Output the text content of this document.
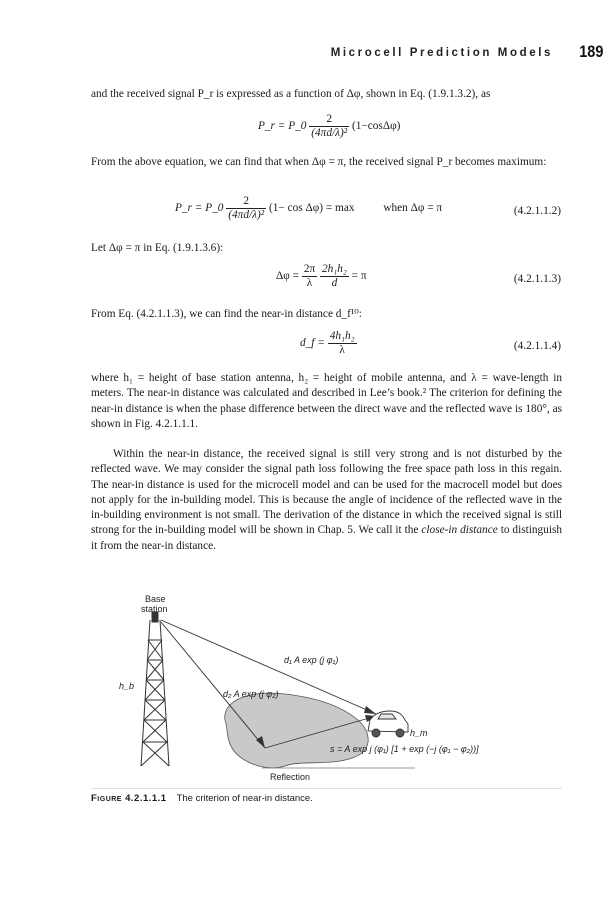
Microcell Prediction Models 189
and the received signal P_r is expressed as a function of Δφ, shown in Eq. (1.9.1.3.2), as
P_r = P_0 $\frac{2}{\text{(4πd/λ)²}} (1-\cos\Delta\varphi)$
From the above equation, we can find that when Δφ = π, the received signal P_r becomes maximum:
P_r = P_0 $\frac{2}{\text{(4πd/λ)²}} (1- \cos \Delta\varphi) = \max$	when Δφ = π	(4.2.1.1.2)
Let Δφ = π in Eq. (1.9.1.3.6):
$\Delta\varphi = \frac{2\pi}{\lambda}$
$\frac{\text{2h₁h₂}}{d} = \pi$	(4.2.1.1.3)
From Eq. (4.2.1.1.3), we can find the near-in distance d_f¹⁰:
d_f = $\frac{\text{4h₁h₂}}{\lambda}$	(4.2.1.1.4)
where h₁ = height of base station antenna, h₂ = height of mobile antenna, and λ = wave-length in meters. The near-in distance was calculated and described in Lee’s book.² The criterion for defining the near-in distance is when the phase difference between the direct wave and the reflected wave is 180°, as shown in Fig. 4.2.1.1.1.
Within the near-in distance, the received signal is still very strong and is not disturbed by the reflected wave. We may consider the signal path loss following the free space path loss in this regain. The near-in distance is used for the microcell model and can be used for the macrocell model but does not apply for the in-building model. This is because the angle of incidence of the reflected wave in the in-building environment is not small. The derivation of the distance in which the received signal is still strong for the in-building model will be shown in Chap. 5. We call it the close-in distance to distinguish it from the near-in distance.
Base
station
h_b
d₁ A exp (j φ₁)
d₂ A exp (j φ₂)
h_m
s = A exp j (φ₁) [1 + exp (−j (φ₁ − φ₂))]
Reflection
Figure 4.2.1.1.1 The criterion of near-in distance.
